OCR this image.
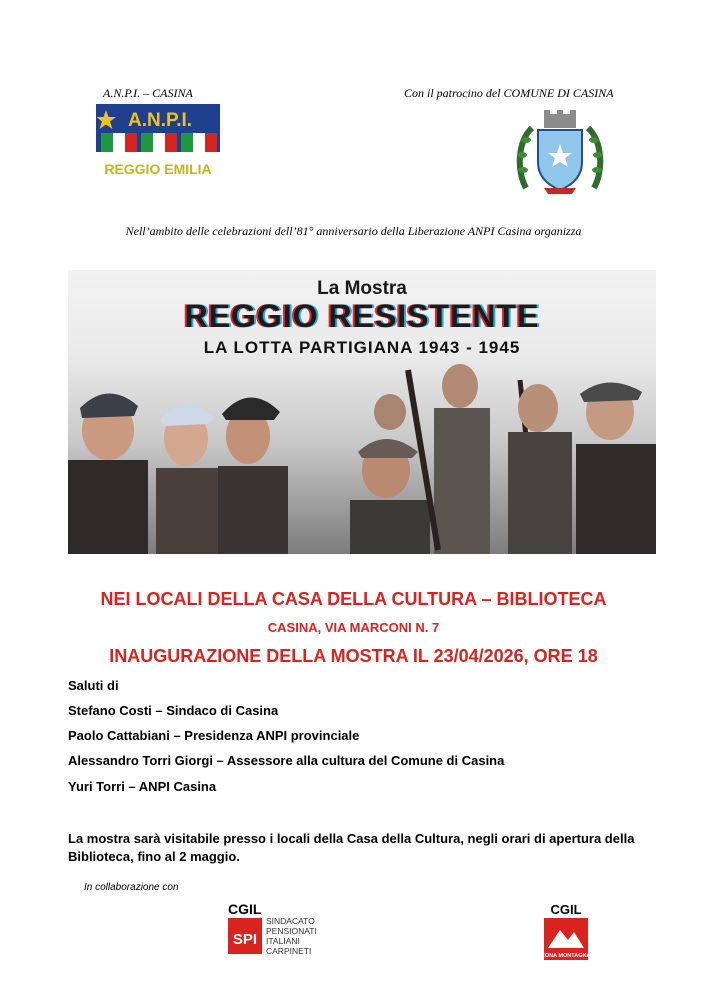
A.N.P.I. – CASINA	Con il patrocino del COMUNE DI CASINA
A.N.P.I.
REGGIO EMILIA
Nell’ambito delle celebrazioni dell’81° anniversario della Liberazione ANPI Casina organizza
La Mostra
REGGIO RESISTENTE
LA LOTTA PARTIGIANA 1943 - 1945
NEI LOCALI DELLA CASA DELLA CULTURA – BIBLIOTECA
CASINA, VIA MARCONI N. 7
INAUGURAZIONE DELLA MOSTRA IL 23/04/2026, ORE 18
Saluti di
Stefano Costi – Sindaco di Casina
Paolo Cattabiani – Presidenza ANPI provinciale
Alessandro Torri Giorgi – Assessore alla cultura del Comune di Casina
Yuri Torri – ANPI Casina
La mostra sarà visitabile presso i locali della Casa della Cultura, negli orari di apertura della Biblioteca, fino al 2 maggio.
In collaborazione con
CGIL
SPI
SINDACATO
PENSIONATI
ITALIANI
CARPINETI
CGIL
ZONA MONTAGNA
